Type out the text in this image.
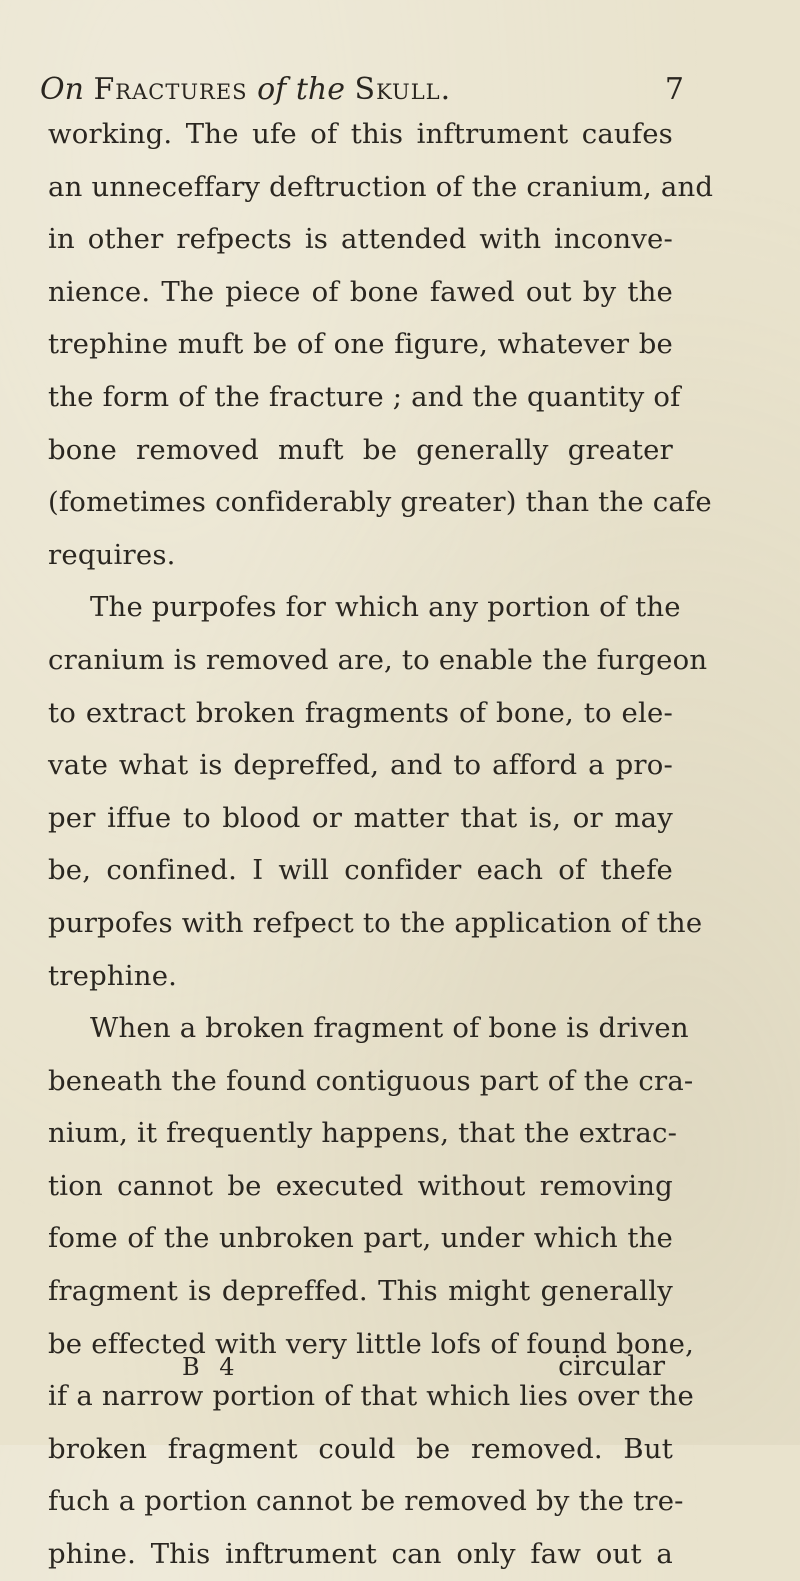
On Fractures of the Skull.	7
working. The ufe of this inftrument caufes
an unneceffary deftruction of the cranium, and
in other refpects is attended with inconve-
nience. The piece of bone fawed out by the
trephine muft be of one figure, whatever be
the form of the fracture ; and the quantity of
bone removed muft be generally greater
(fometimes confiderably greater) than the cafe
requires.
The purpofes for which any portion of the
cranium is removed are, to enable the furgeon
to extract broken fragments of bone, to ele-
vate what is depreffed, and to afford a pro-
per iffue to blood or matter that is, or may
be, confined. I will confider each of thefe
purpofes with refpect to the application of the
trephine.
When a broken fragment of bone is driven
beneath the found contiguous part of the cra-
nium, it frequently happens, that the extrac-
tion cannot be executed without removing
fome of the unbroken part, under which the
fragment is depreffed. This might generally
be effected with very little lofs of found bone,
if a narrow portion of that which lies over the
broken fragment could be removed. But
fuch a portion cannot be removed by the tre-
phine. This inftrument can only faw out a
B 4	circular
